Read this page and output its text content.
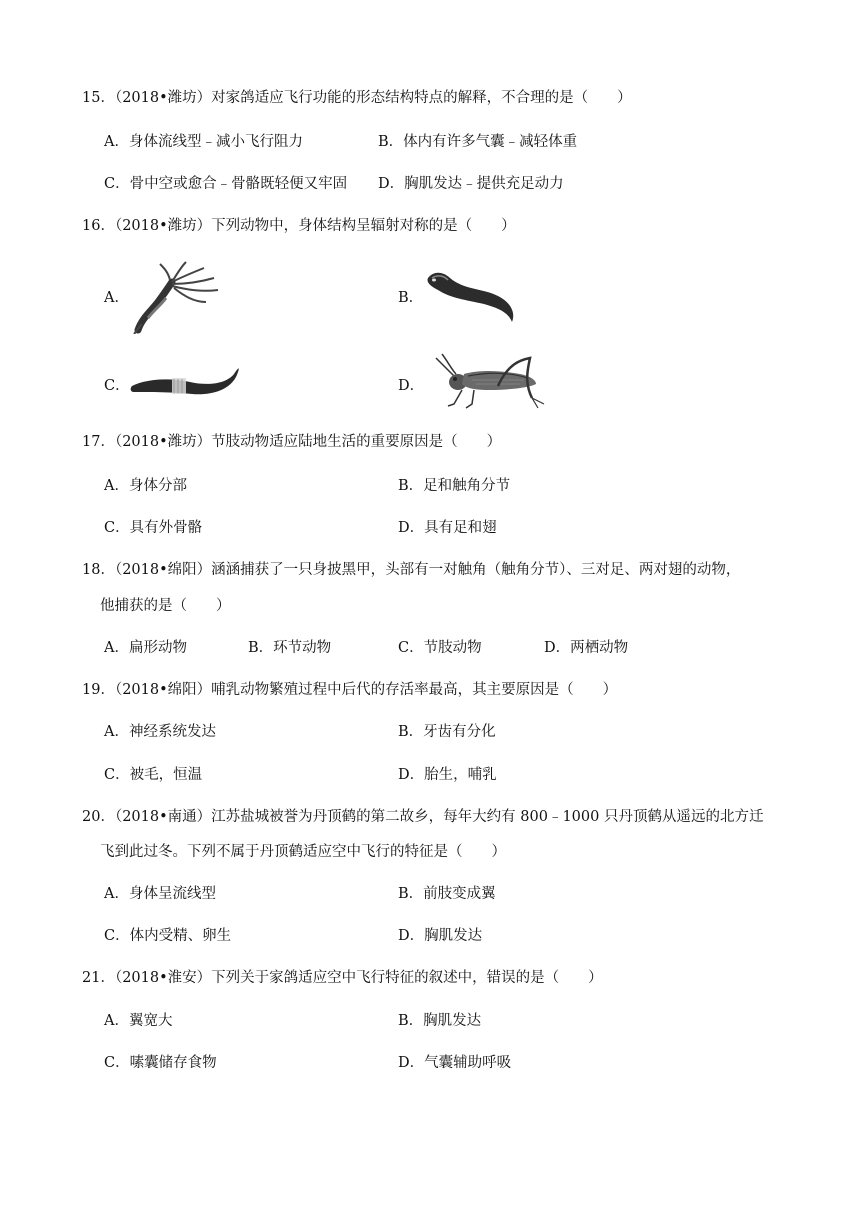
15．（2018•潍坊）对家鸽适应飞行功能的形态结构特点的解释，不合理的是（　　）
A．身体流线型﹣减小飞行阻力	B．体内有许多气囊﹣减轻体重
C．骨中空或愈合﹣骨骼既轻便又牢固 D．胸肌发达﹣提供充足动力
16．（2018•潍坊）下列动物中，身体结构呈辐射对称的是（　　）
A．	B．
C．	D．
17．（2018•潍坊）节肢动物适应陆地生活的重要原因是（　　）
A．身体分部	B．足和触角分节
C．具有外骨骼	D．具有足和翅
18．（2018•绵阳）涵涵捕获了一只身披黑甲，头部有一对触角（触角分节）、三对足、两对翅的动物，
他捕获的是（　　）
A．扁形动物	B．环节动物	C．节肢动物	D．两栖动物
19．（2018•绵阳）哺乳动物繁殖过程中后代的存活率最高，其主要原因是（　　）
A．神经系统发达	B．牙齿有分化
C．被毛，恒温	D．胎生，哺乳
20．（2018•南通）江苏盐城被誉为丹顶鹤的第二故乡，每年大约有 800﹣1000 只丹顶鹤从遥远的北方迁
飞到此过冬。下列不属于丹顶鹤适应空中飞行的特征是（　　）
A．身体呈流线型	B．前肢变成翼
C．体内受精、卵生	D．胸肌发达
21．（2018•淮安）下列关于家鸽适应空中飞行特征的叙述中，错误的是（　　）
A．翼宽大	B．胸肌发达
C．嗉囊储存食物	D．气囊辅助呼吸
